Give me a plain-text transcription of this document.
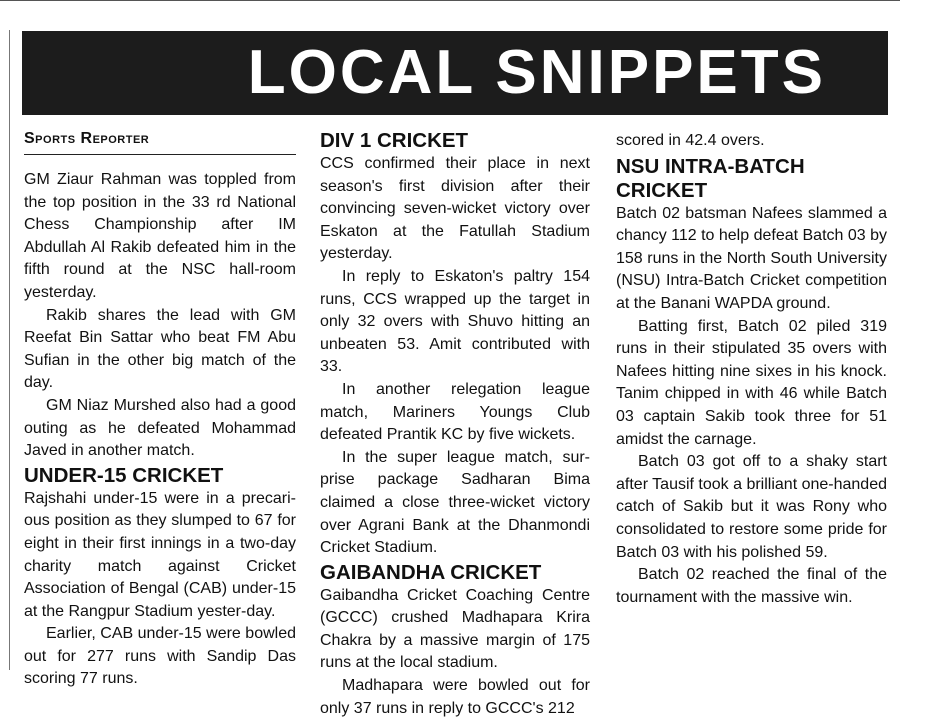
LOCAL SNIPPETS
Sports Reporter

GM Ziaur Rahman was toppled from the top position in the 33 rd National Chess Championship after IM Abdullah Al Rakib defeated him in the fifth round at the NSC hall-room yesterday.

Rakib shares the lead with GM Reefat Bin Sattar who beat FM Abu Sufian in the other big match of the day.

GM Niaz Murshed also had a good outing as he defeated Mohammad Javed in another match.

UNDER-15 CRICKET

Rajshahi under-15 were in a precari-ous position as they slumped to 67 for eight in their first innings in a two-day charity match against Cricket Association of Bengal (CAB) under-15 at the Rangpur Stadium yester-day.

Earlier, CAB under-15 were bowled out for 277 runs with Sandip Das scoring 77 runs.

DIV 1 CRICKET

CCS confirmed their place in next season's first division after their convincing seven-wicket victory over Eskaton at the Fatullah Stadium yesterday.

In reply to Eskaton's paltry 154 runs, CCS wrapped up the target in only 32 overs with Shuvo hitting an unbeaten 53. Amit contributed with 33.

In another relegation league match, Mariners Youngs Club defeated Prantik KC by five wickets.

In the super league match, sur-prise package Sadharan Bima claimed a close three-wicket victory over Agrani Bank at the Dhanmondi Cricket Stadium.

GAIBANDHA CRICKET

Gaibandha Cricket Coaching Centre (GCCC) crushed Madhapara Krira Chakra by a massive margin of 175 runs at the local stadium.

Madhapara were bowled out for only 37 runs in reply to GCCC's 212

scored in 42.4 overs.

NSU INTRA-BATCH CRICKET

Batch 02 batsman Nafees slammed a chancy 112 to help defeat Batch 03 by 158 runs in the North South University (NSU) Intra-Batch Cricket competition at the Banani WAPDA ground.

Batting first, Batch 02 piled 319 runs in their stipulated 35 overs with Nafees hitting nine sixes in his knock. Tanim chipped in with 46 while Batch 03 captain Sakib took three for 51 amidst the carnage.

Batch 03 got off to a shaky start after Tausif took a brilliant one-handed catch of Sakib but it was Rony who consolidated to restore some pride for Batch 03 with his polished 59.

Batch 02 reached the final of the tournament with the massive win.
